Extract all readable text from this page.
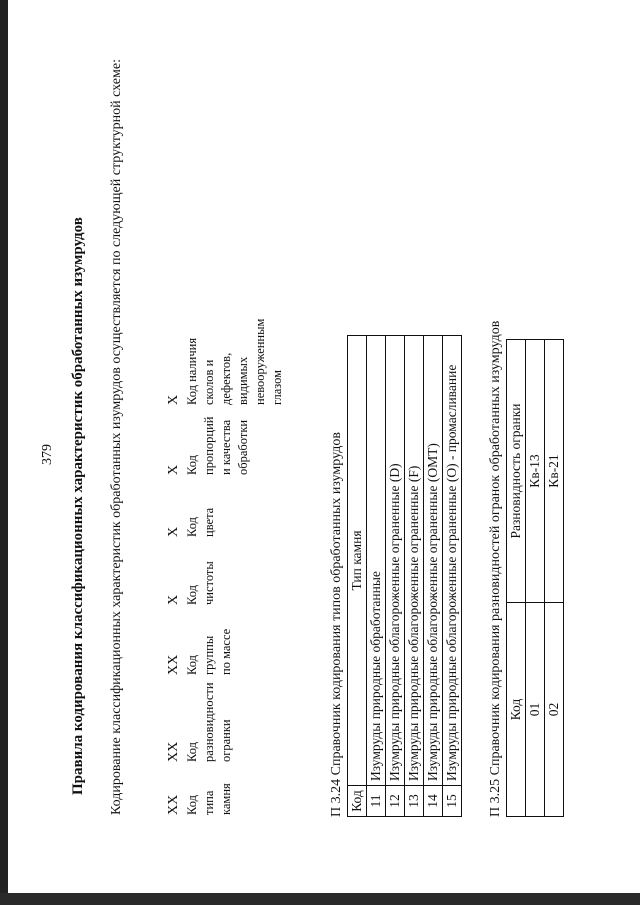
379 Правила кодирования классификационных характеристик обработанных изумрудов Кодирование классификационных характеристик обработанных изумрудов осуществляется по следующей структурной схеме:	ХХ Код типа камня
ХХ Код разновидности огранки
ХХ Код группы по массе
Х Код чистоты
Х Код цвета
Х Код пропорций и качества обработки
Х Код наличия сколов и дефектов, видимых невооруженным глазом
П 3.24 Справочник кодирования типов обработанных изумрудов Код	Тип камня
11	Изумруды природные обработанные
12	Изумруды природные облагороженные ограненные (D)
13	Изумруды природные облагороженные ограненные (F)
14	Изумруды природные облагороженные ограненные (OMT)
15	Изумруды природные облагороженные ограненные (O) - промасливание П 3.25 Справочник кодирования разновидностей огранок обработанных изумрудов Код	Разновидность огранки
01	Кв-13
02	Кв-21
